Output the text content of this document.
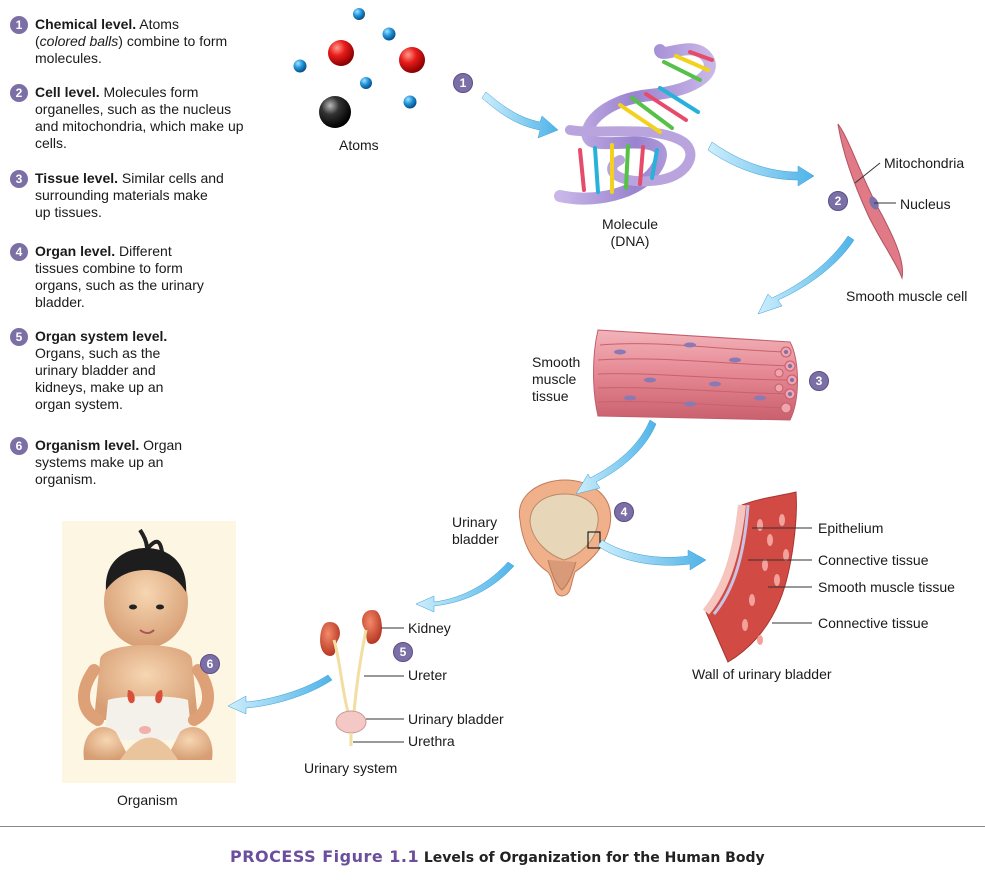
1 Chemical level. Atoms
(colored balls) combine to form molecules.
2 Cell level. Molecules form organelles, such as the nucleus and mitochondria, which make up cells.
3 Tissue level. Similar cells and surrounding materials make up tissues.
4 Organ level. Different tissues combine to form organs, such as the urinary bladder.
5 Organ system level. Organs, such as the urinary bladder and kidneys, make up an organ system.
6 Organism level. Organ systems make up an organism.
Atoms
Molecule
(DNA)
Mitochondria
Nucleus
Smooth muscle cell
Smooth
muscle
tissue
Urinary
bladder
Epithelium
Connective tissue
Smooth muscle tissue
Connective tissue
Wall of urinary bladder
Kidney
Ureter
Urinary bladder
Urethra
Urinary system
Organism
1
2
3
4
5
6
PROCESS Figure 1.1 Levels of Organization for the Human Body
